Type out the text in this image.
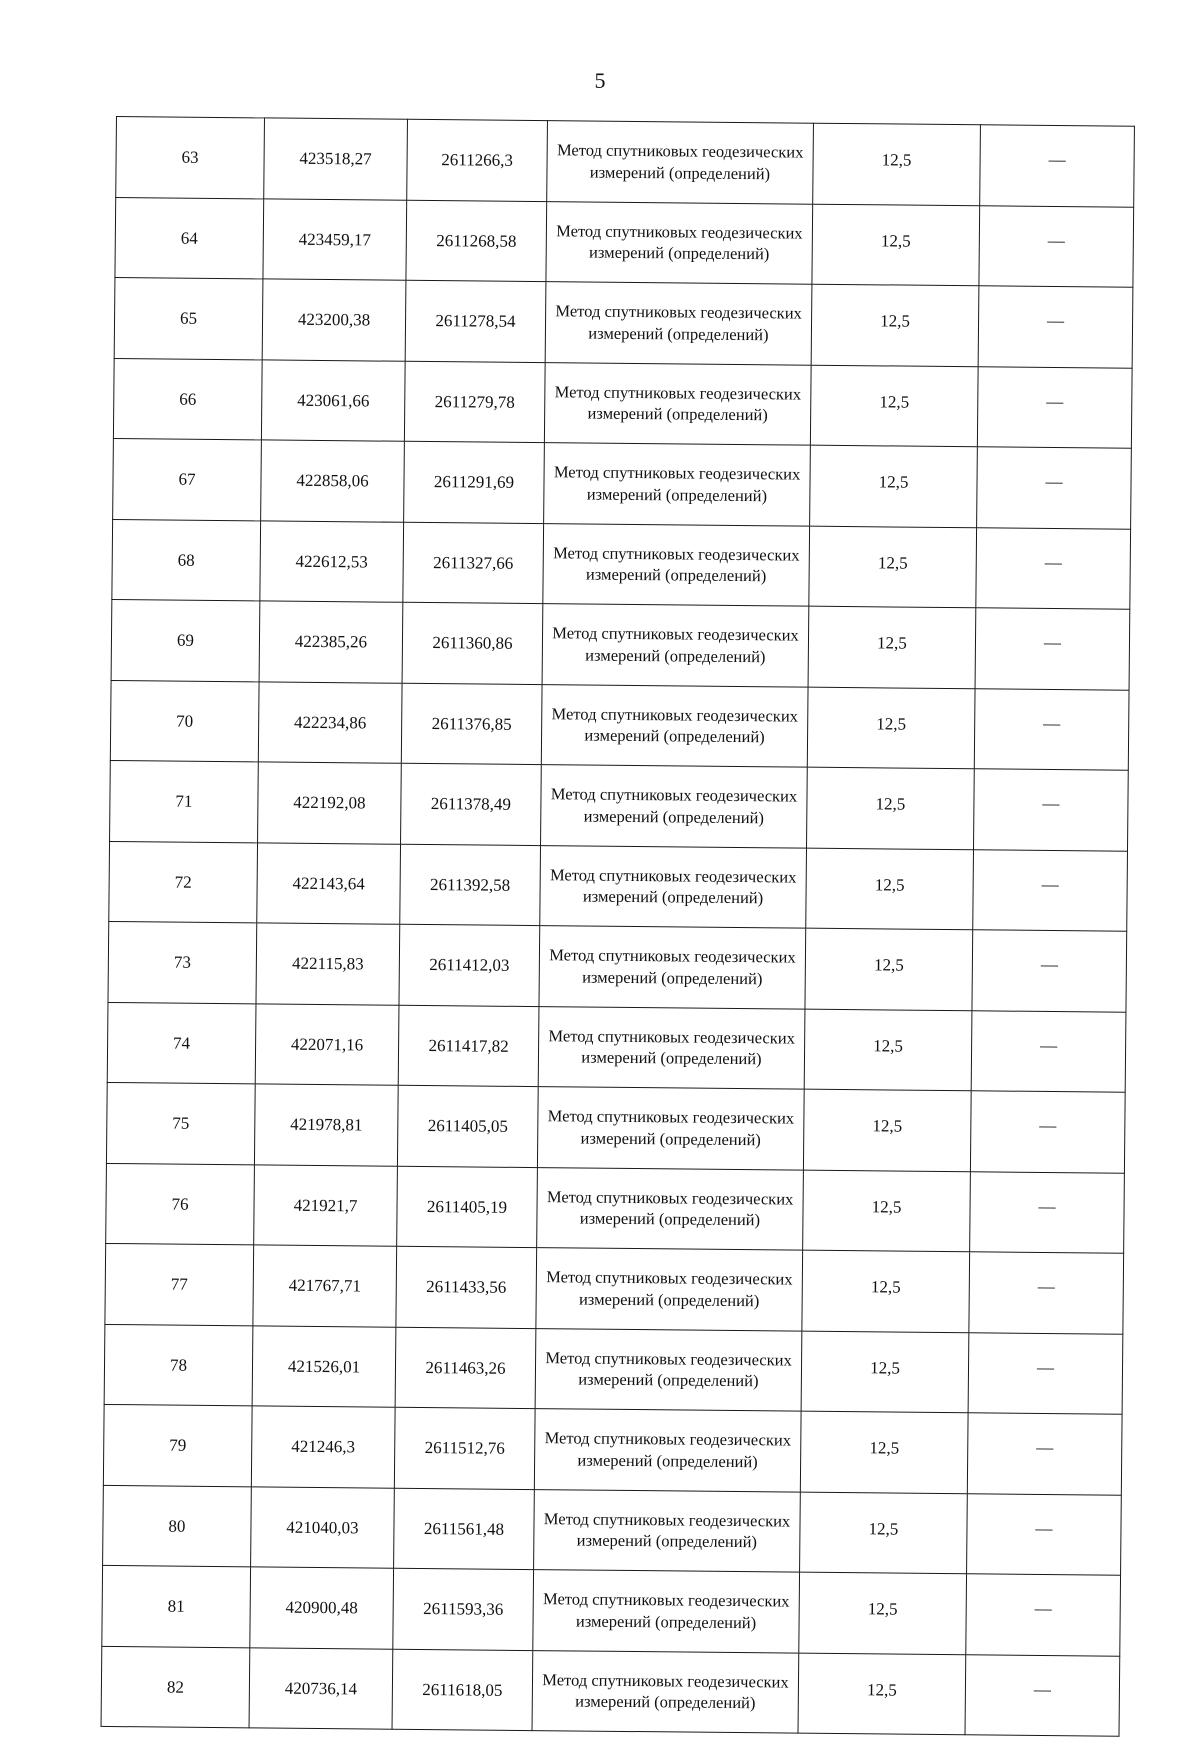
5
63	423518,27	2611266,3	Метод спутниковых геодезических измерений (определений)	12,5	—
64	423459,17	2611268,58	Метод спутниковых геодезических измерений (определений)	12,5	—
65	423200,38	2611278,54	Метод спутниковых геодезических измерений (определений)	12,5	—
66	423061,66	2611279,78	Метод спутниковых геодезических измерений (определений)	12,5	—
67	422858,06	2611291,69	Метод спутниковых геодезических измерений (определений)	12,5	—
68	422612,53	2611327,66	Метод спутниковых геодезических измерений (определений)	12,5	—
69	422385,26	2611360,86	Метод спутниковых геодезических измерений (определений)	12,5	—
70	422234,86	2611376,85	Метод спутниковых геодезических измерений (определений)	12,5	—
71	422192,08	2611378,49	Метод спутниковых геодезических измерений (определений)	12,5	—
72	422143,64	2611392,58	Метод спутниковых геодезических измерений (определений)	12,5	—
73	422115,83	2611412,03	Метод спутниковых геодезических измерений (определений)	12,5	—
74	422071,16	2611417,82	Метод спутниковых геодезических измерений (определений)	12,5	—
75	421978,81	2611405,05	Метод спутниковых геодезических измерений (определений)	12,5	—
76	421921,7	2611405,19	Метод спутниковых геодезических измерений (определений)	12,5	—
77	421767,71	2611433,56	Метод спутниковых геодезических измерений (определений)	12,5	—
78	421526,01	2611463,26	Метод спутниковых геодезических измерений (определений)	12,5	—
79	421246,3	2611512,76	Метод спутниковых геодезических измерений (определений)	12,5	—
80	421040,03	2611561,48	Метод спутниковых геодезических измерений (определений)	12,5	—
81	420900,48	2611593,36	Метод спутниковых геодезических измерений (определений)	12,5	—
82	420736,14	2611618,05	Метод спутниковых геодезических измерений (определений)	12,5	—
